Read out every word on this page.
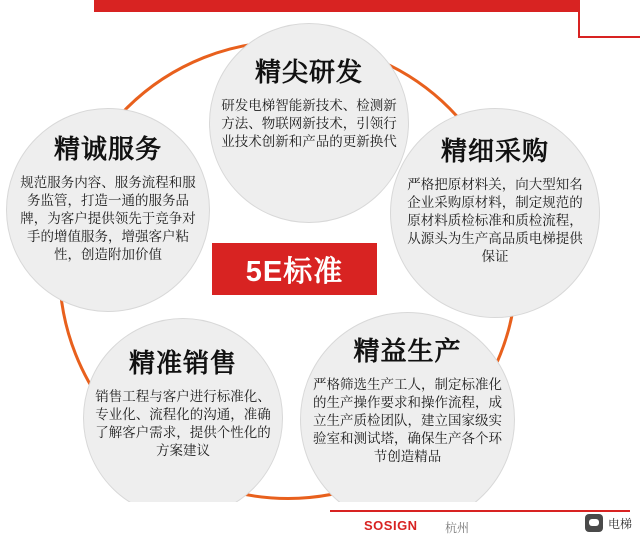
精尖研发
研发电梯智能新技术、检测新方法、物联网新技术，引领行业技术创新和产品的更新换代 精细采购
严格把原材料关，向大型知名企业采购原材料，制定规范的原材料质检标准和质检流程，从源头为生产高品质电梯提供保证
精诚服务
规范服务内容、服务流程和服务监管，打造一通的服务品牌，为客户提供领先于竞争对手的增值服务，增强客户粘性，创造附加价值
精准销售
销售工程与客户进行标准化、专业化、流程化的沟通，准确了解客户需求，提供个性化的方案建议
精益生产
严格筛选生产工人，制定标准化的生产操作要求和操作流程，成立生产质检团队，建立国家级实验室和测试塔，确保生产各个环节创造精品
5E标准
SOSIGN 杭州	电梯
